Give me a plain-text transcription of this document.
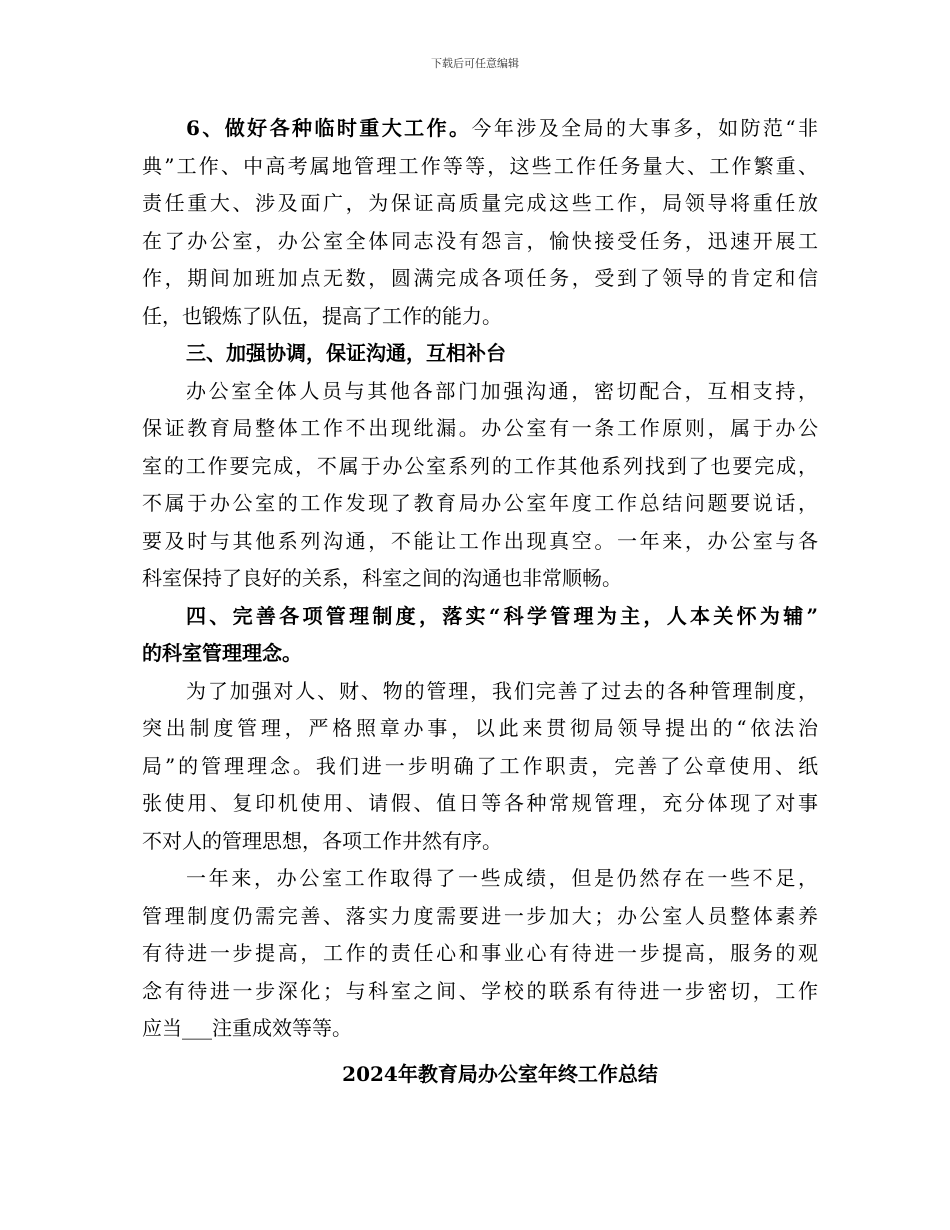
下载后可任意编辑
6、做好各种临时重大工作。今年涉及全局的大事多，如防范“非
典”工作、中高考属地管理工作等等，这些工作任务量大、工作繁重、
责任重大、涉及面广，为保证高质量完成这些工作，局领导将重任放
在了办公室，办公室全体同志没有怨言，愉快接受任务，迅速开展工
作，期间加班加点无数，圆满完成各项任务，受到了领导的肯定和信
任，也锻炼了队伍，提高了工作的能力。
三、加强协调，保证沟通，互相补台
办公室全体人员与其他各部门加强沟通，密切配合，互相支持，
保证教育局整体工作不出现纰漏。办公室有一条工作原则，属于办公
室的工作要完成，不属于办公室系列的工作其他系列找到了也要完成，
不属于办公室的工作发现了教育局办公室年度工作总结问题要说话，
要及时与其他系列沟通，不能让工作出现真空。一年来，办公室与各
科室保持了良好的关系，科室之间的沟通也非常顺畅。
四、完善各项管理制度，落实“科学管理为主，人本关怀为辅”
的科室管理理念。
为了加强对人、财、物的管理，我们完善了过去的各种管理制度，
突出制度管理，严格照章办事，以此来贯彻局领导提出的“依法治
局”的管理理念。我们进一步明确了工作职责，完善了公章使用、纸
张使用、复印机使用、请假、值日等各种常规管理，充分体现了对事
不对人的管理思想，各项工作井然有序。
一年来，办公室工作取得了一些成绩，但是仍然存在一些不足，
管理制度仍需完善、落实力度需要进一步加大；办公室人员整体素养
有待进一步提高，工作的责任心和事业心有待进一步提高，服务的观
念有待进一步深化；与科室之间、学校的联系有待进一步密切，工作
应当___注重成效等等。
2024年教育局办公室年终工作总结
